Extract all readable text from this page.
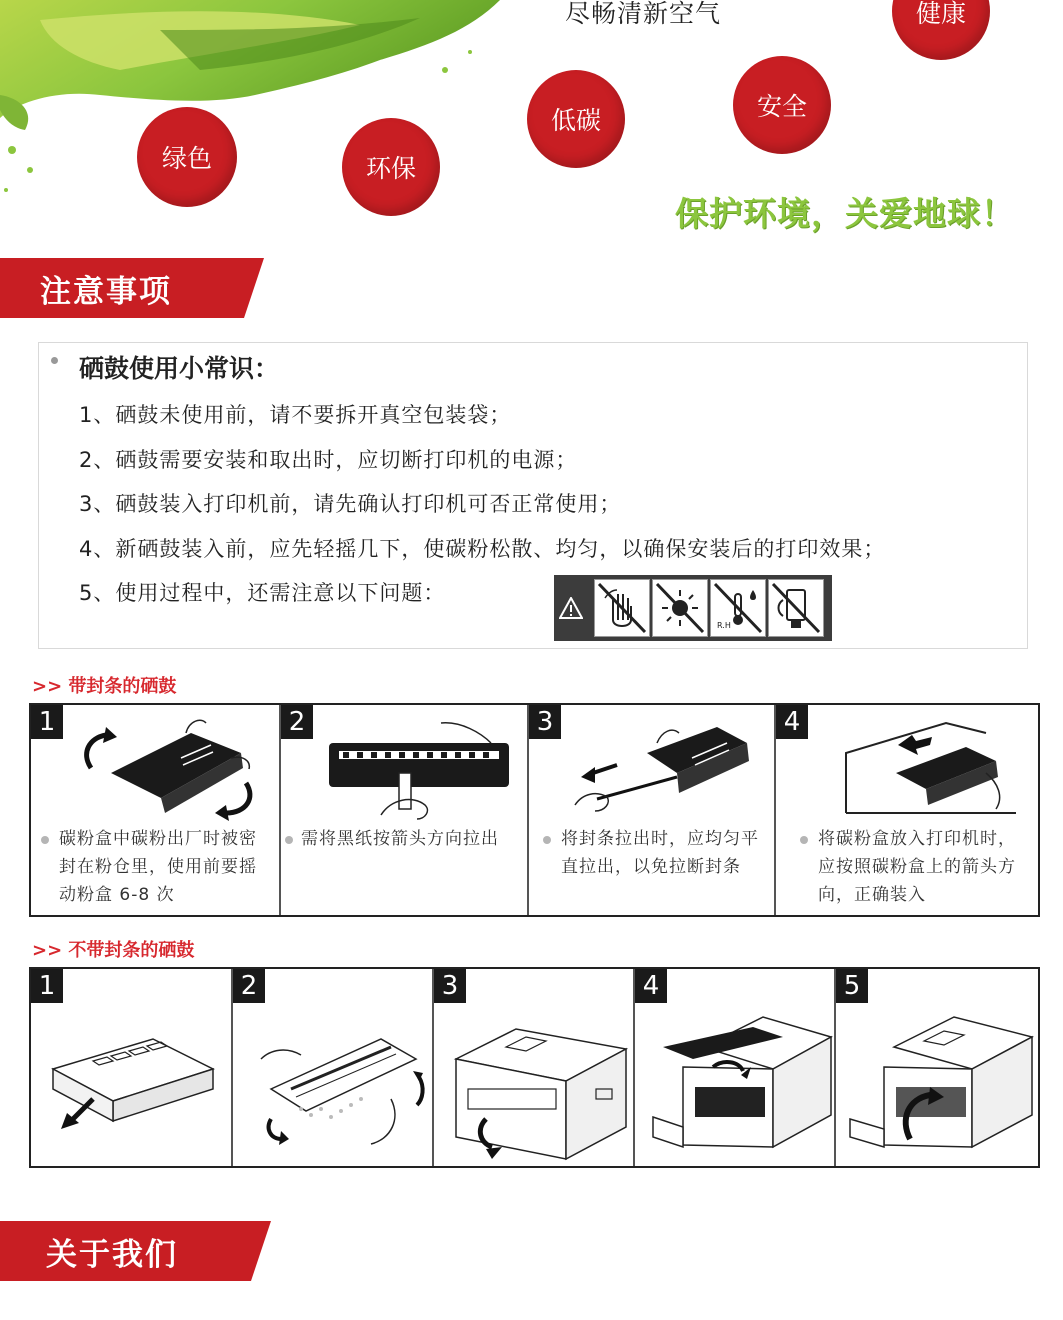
尽畅清新空气
绿色	环保
低碳	安全
健康
保护环境，关爱地球！
注意事项
硒鼓使用小常识：
1、硒鼓未使用前，请不要拆开真空包装袋；
2、硒鼓需要安装和取出时，应切断打印机的电源；
3、硒鼓装入打印机前，请先确认打印机可否正常使用；
4、新硒鼓装入前，应先轻摇几下，使碳粉松散、均匀，以确保安装后的打印效果；
5、使用过程中，还需注意以下问题：
R.H
>> 带封条的硒鼓
1
碳粉盒中碳粉出厂时被密封在粉仓里，使用前要摇动粉盒 6-8 次
2
需将黑纸按箭头方向拉出
3
将封条拉出时，应均匀平直拉出，以免拉断封条
4
将碳粉盒放入打印机时，应按照碳粉盒上的箭头方向，正确装入
>> 不带封条的硒鼓
1	2	3	4	5
关于我们
